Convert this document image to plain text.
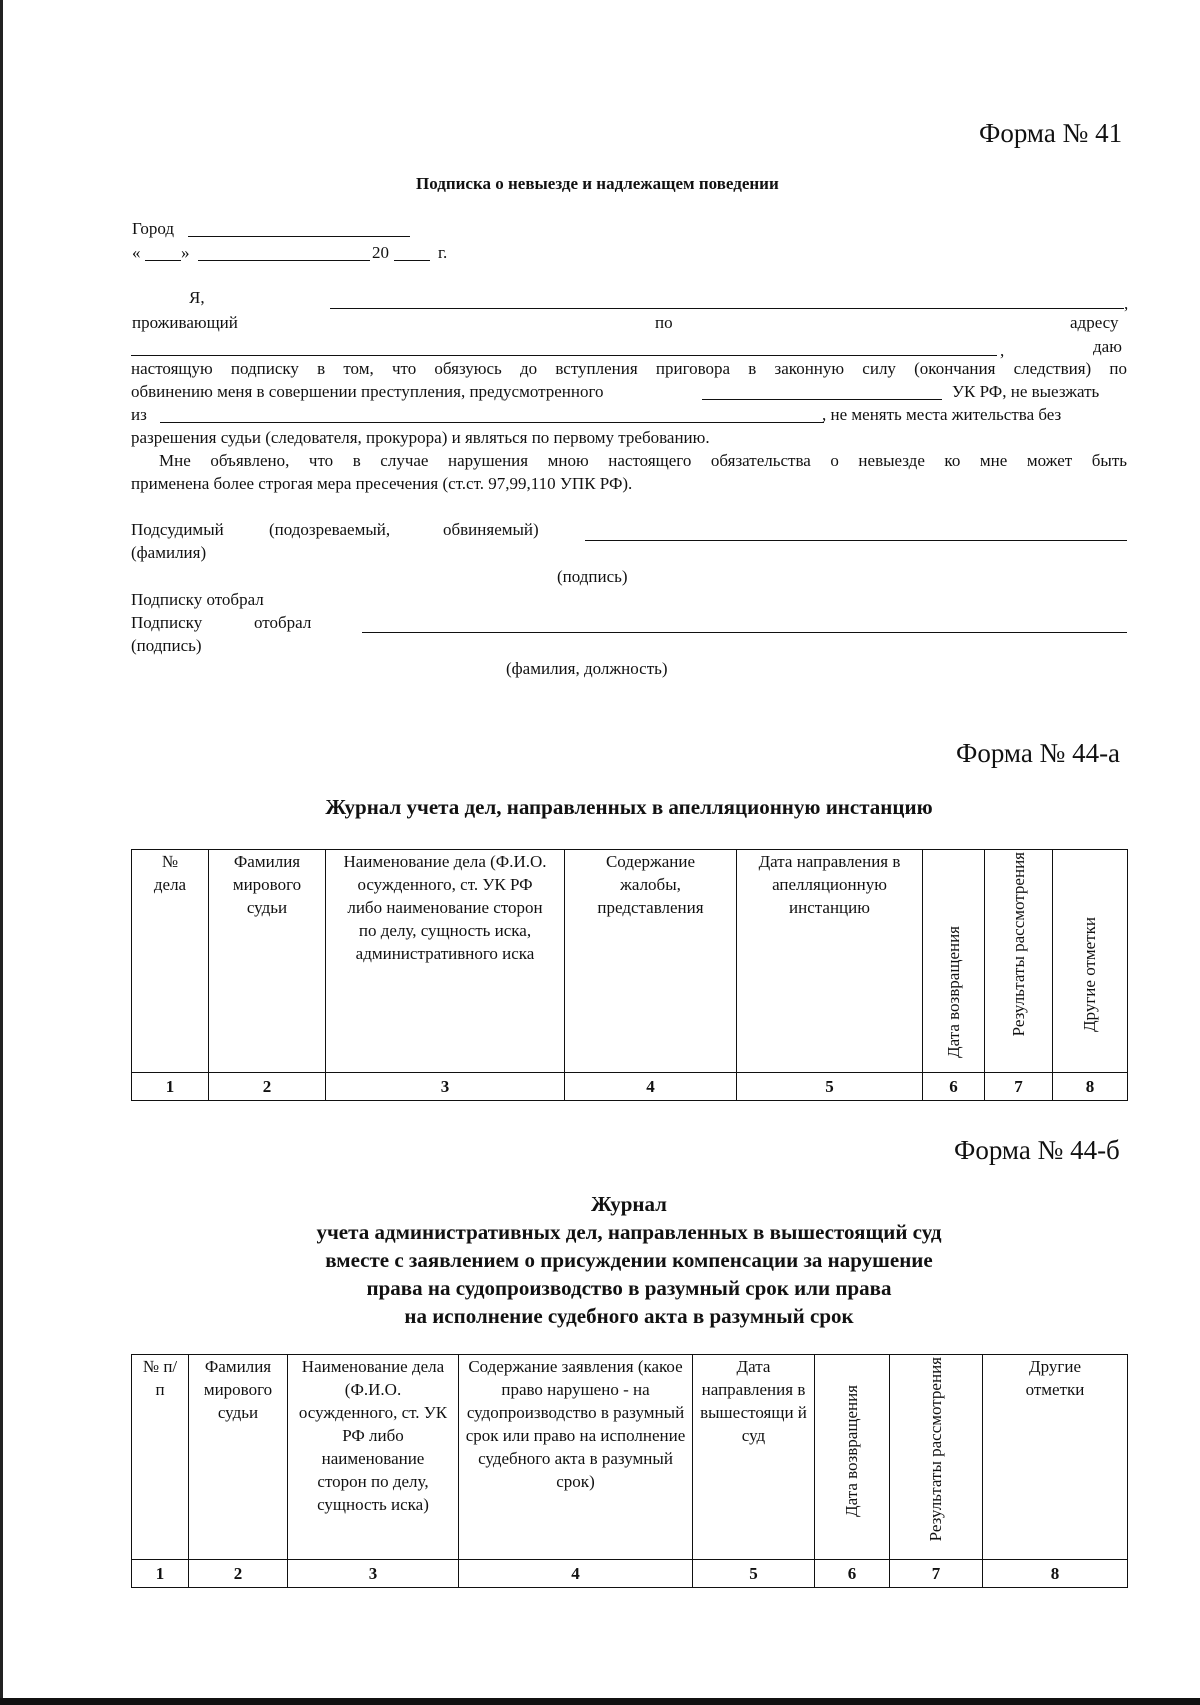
Форма № 41
Подписка о невыезде и надлежащем поведении
Город
« »	20	г.
Я,	,
проживающий	по	адресу
,	даю
настоящую подписку в том, что обязуюсь до вступления приговора в законную силу (окончания следствия) по
обвинению меня в совершении преступления, предусмотренного	УК РФ, не выезжать
из	, не менять места жительства без
разрешения судьи (следователя, прокурора) и являться по первому требованию.
Мне объявлено, что в случае нарушения мною настоящего обязательства о невыезде ко мне может быть
применена более строгая мера пресечения (ст.ст. 97,99,110 УПК РФ).
Подсудимый	(подозреваемый,	обвиняемый)
(фамилия)
(подпись)
Подписку отобрал
Подписку	отобрал
(подпись)
(фамилия, должность)
Форма № 44-а
Журнал учета дел, направленных в апелляционную инстанцию
№ дела	Фамилия мирового судьи	Наименование дела (Ф.И.О. осужденного, ст. УК РФ либо наименование сторон по делу, сущность иска, административного иска	Содержание жалобы, представления	Дата направления в апелляционную инстанцию	Дата возвращения	Результаты рассмотрения	Другие отметки
1	2	3	4	5	6	7	8
Форма № 44-б
Журнал
учета административных дел, направленных в вышестоящий суд
вместе с заявлением о присуждении компенсации за нарушение
права на судопроизводство в разумный срок или права
на исполнение судебного акта в разумный срок
№ п/п	Фамилия мирового судьи	Наименование дела (Ф.И.О. осужденного, ст. УК РФ либо наименование сторон по делу, сущность иска)	Содержание заявления (какое право нарушено - на судопроизводство в разумный срок или право на исполнение судебного акта в разумный срок)	Дата направления в вышестоящи й суд	Дата возвращения	Результаты рассмотрения	Другие отметки
1	2	3	4	5	6	7	8
